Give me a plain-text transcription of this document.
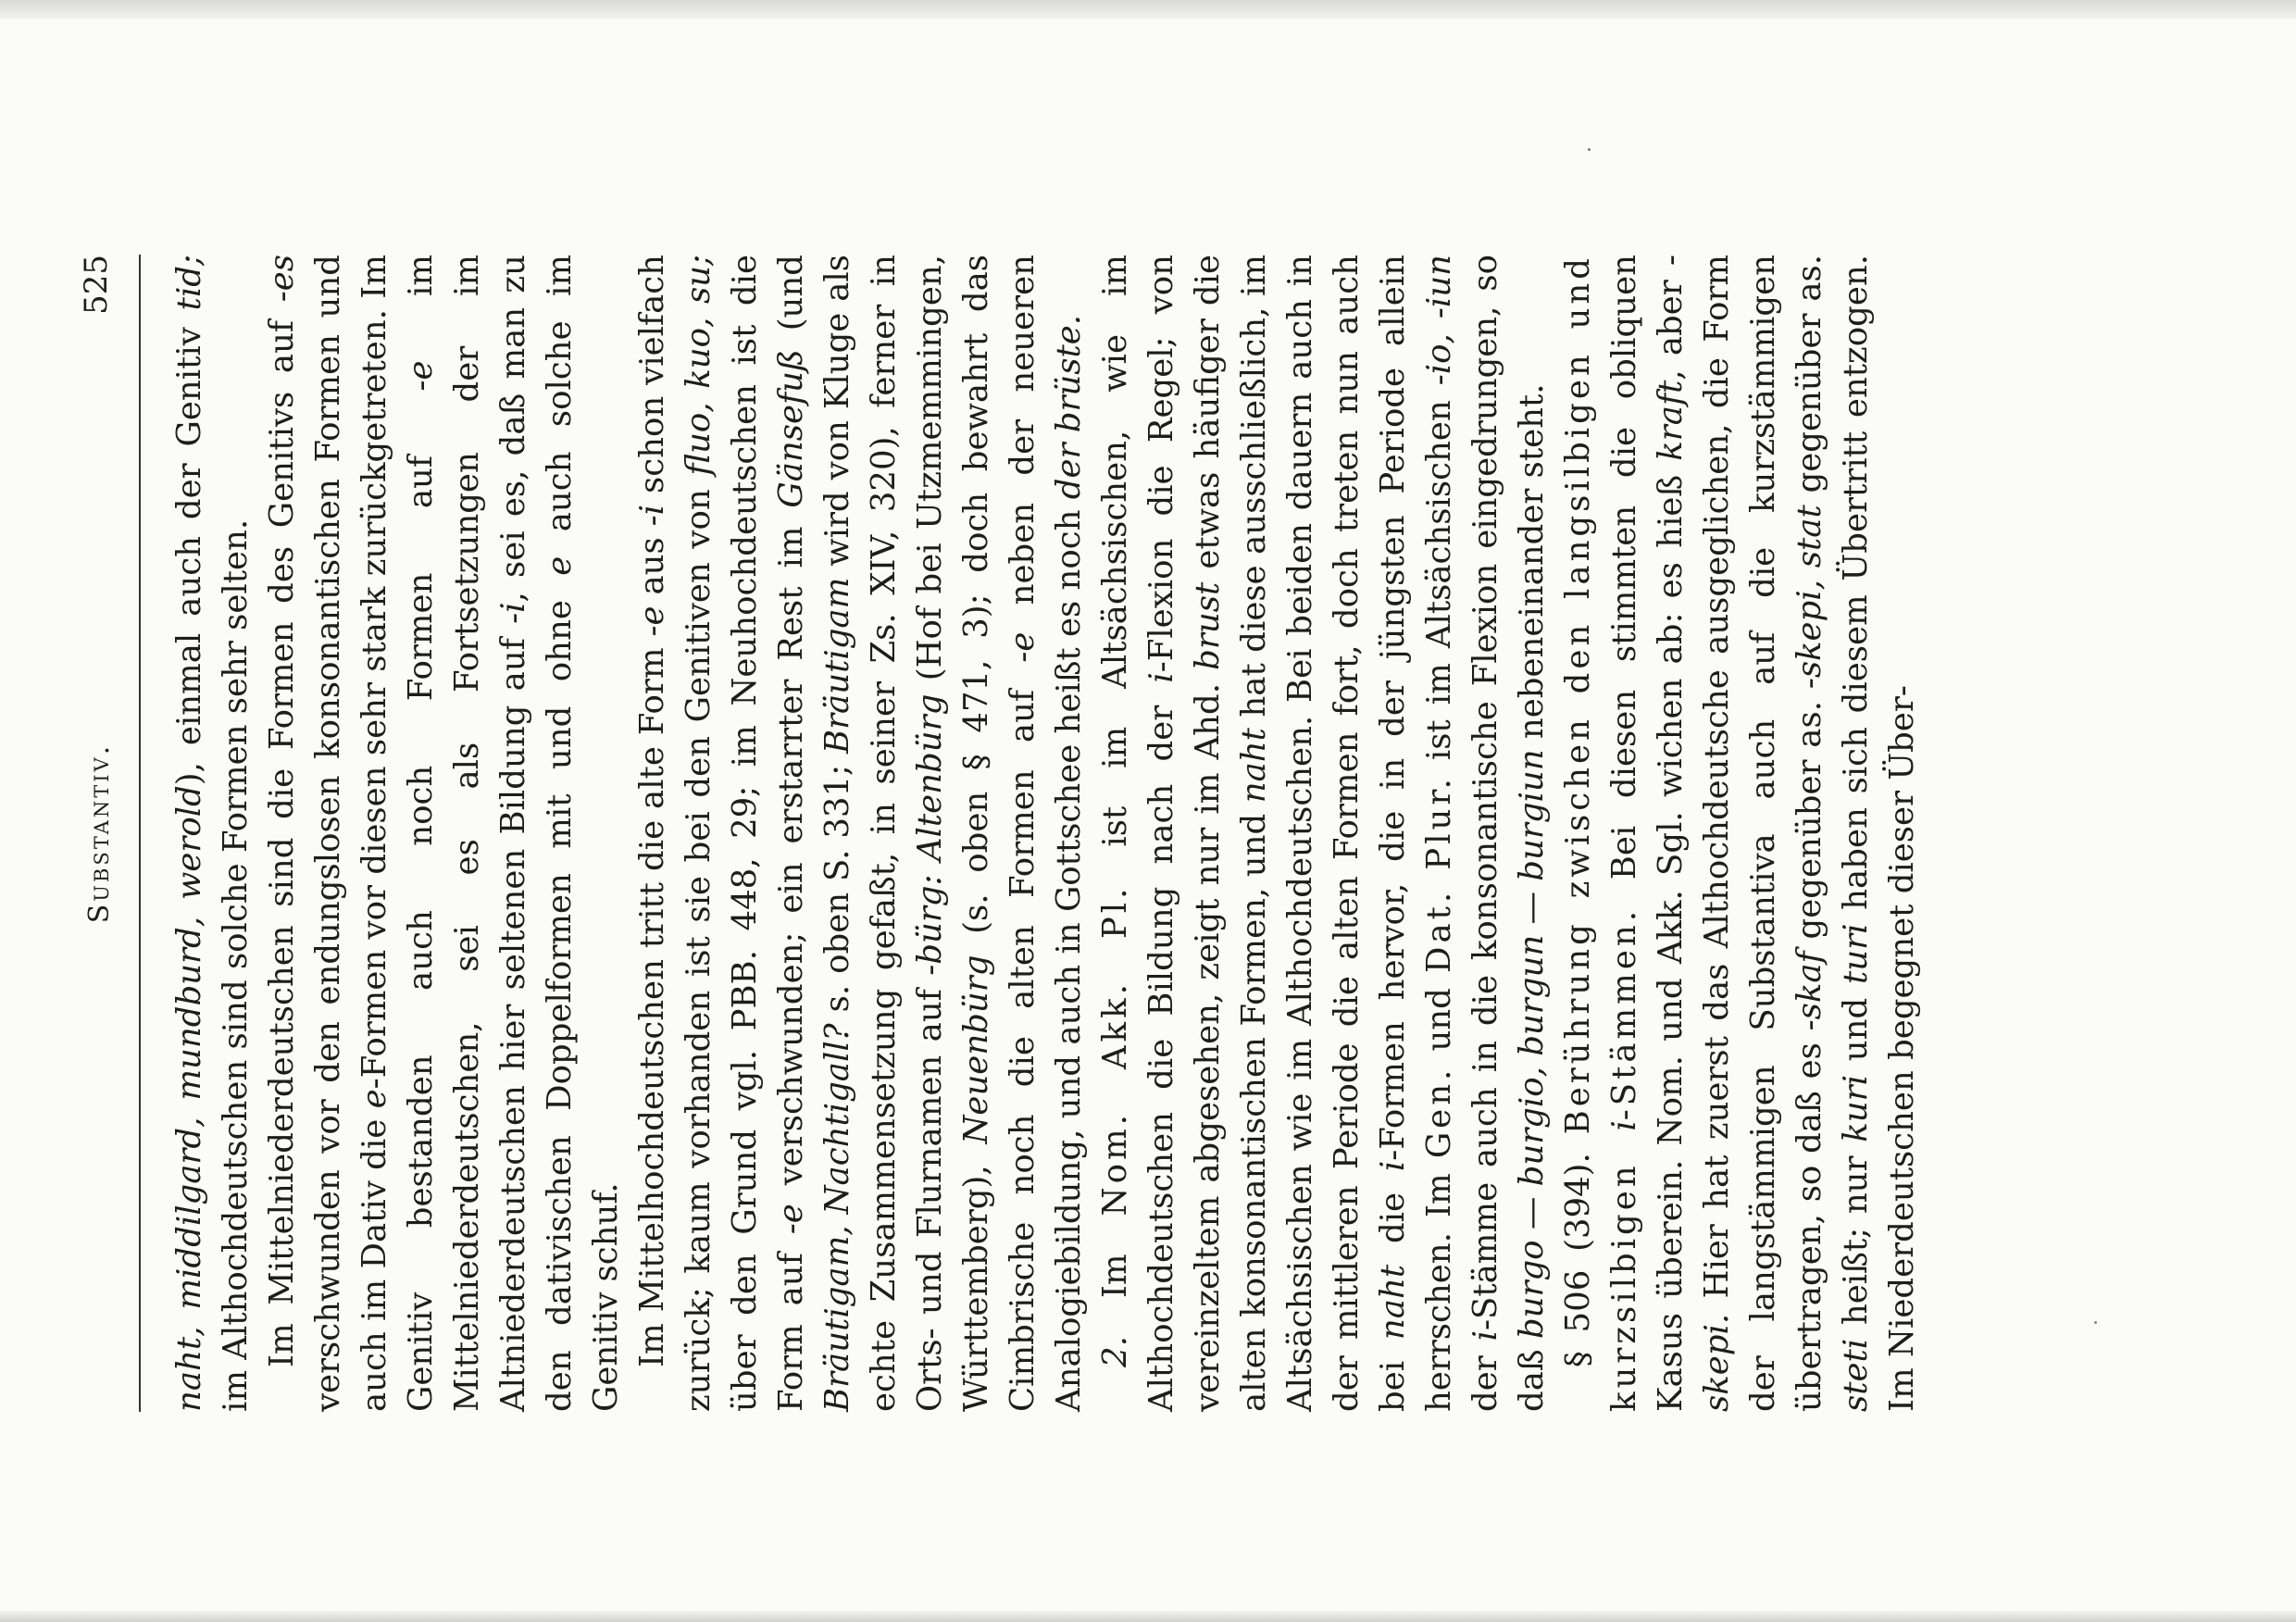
Substantiv.
525

naht, middilgard, mundburd, werold), einmal auch der Genitiv tid; im Althochdeutschen sind solche Formen sehr selten. Im Mittelniederdeutschen sind die Formen des Genitivs auf -es verschwunden vor den endungslosen konsonantischen Formen und auch im Dativ die e-Formen vor diesen sehr stark zurückgetreten. Im Genitiv bestanden auch noch Formen auf -e im Mittelniederdeutschen, sei es als Fortsetzungen der im Altniederdeutschen hier seltenen Bildung auf -i, sei es, daß man zu den dativischen Doppelformen mit und ohne e auch solche im Genitiv schuf. Im Mittelhochdeutschen tritt die alte Form -e aus -i schon vielfach zurück; kaum vorhanden ist sie bei den Genitiven von fluo, kuo, su; über den Grund vgl. PBB. 448, 29; im Neuhochdeutschen ist die Form auf -e verschwunden; ein erstarrter Rest im Gänsefuß (und Bräutigam, Nachtigall? s. oben S. 331; Bräutigam wird von Kluge als echte Zusammensetzung gefaßt, in seiner Zs. XIV, 320), ferner in Orts- und Flurnamen auf -bürg: Altenbürg (Hof bei Utzmemmingen, Württemberg), Neuenbürg (s. oben § 471, 3); doch bewahrt das Cimbrische noch die alten Formen auf -e neben der neueren Analogiebildung, und auch in Gottschee heißt es noch der brüste.

2. Im Nom. Akk. Pl. ist im Altsächsischen, wie im Althochdeutschen die Bildung nach der i-Flexion die Regel; von vereinzeltem abgesehen, zeigt nur im Ahd. brust etwas häufiger die alten konsonantischen Formen, und naht hat diese ausschließlich, im Altsächsischen wie im Althochdeutschen. Bei beiden dauern auch in der mittleren Periode die alten Formen fort, doch treten nun auch bei naht die i-Formen hervor, die in der jüngsten Periode allein herrschen. Im Gen. und Dat. Plur. ist im Altsächsischen -io, -iun der i-Stämme auch in die konsonantische Flexion eingedrungen, so daß burgo — burgio, burgun — burgiun nebeneinander steht.

§ 506 (394). Berührung zwischen den langsilbigen und kurzsilbigen i-Stämmen. Bei diesen stimmten die obliquen Kasus überein. Nom. und Akk. Sgl. wichen ab: es hieß kraft, aber -skepi. Hier hat zuerst das Althochdeutsche ausgeglichen, die Form der langstämmigen Substantiva auch auf die kurzstämmigen übertragen, so daß es -skaf gegenüber as. -skepi, stat gegenüber as. steti heißt; nur kuri und turi haben sich diesem Übertritt entzogen. Im Niederdeutschen begegnet dieser Über-
